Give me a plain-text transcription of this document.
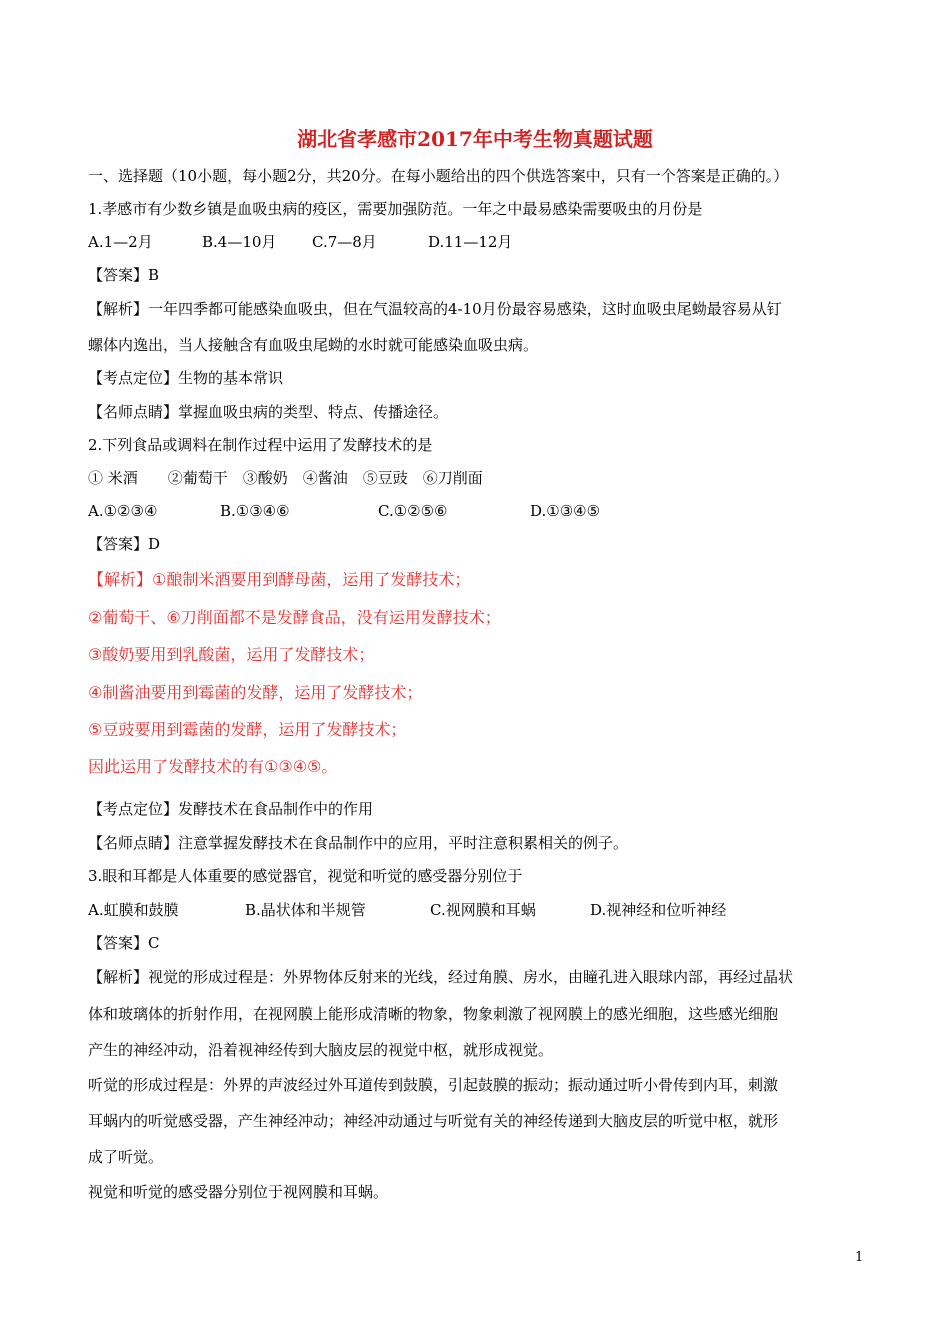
湖北省孝感市2017年中考生物真题试题
一、选择题（10小题，每小题2分，共20分。在每小题给出的四个供选答案中，只有一个答案是正确的。）
1.孝感市有少数乡镇是血吸虫病的疫区，需要加强防范。一年之中最易感染需要吸虫的月份是
A.1—2月	B.4—10月 C.7—8月	D.11—12月
【答案】B
【解析】一年四季都可能感染血吸虫，但在气温较高的4-10月份最容易感染，这时血吸虫尾蚴最容易从钉
螺体内逸出，当人接触含有血吸虫尾蚴的水时就可能感染血吸虫病。
【考点定位】生物的基本常识
【名师点睛】掌握血吸虫病的类型、特点、传播途径。
2.下列食品或调料在制作过程中运用了发酵技术的是
① 米酒　　②葡萄干　③酸奶　④酱油　⑤豆豉　⑥刀削面
A.①②③④	B.①③④⑥	C.①②⑤⑥	D.①③④⑤
【答案】D
【解析】①酿制米酒要用到酵母菌，运用了发酵技术；
②葡萄干、⑥刀削面都不是发酵食品，没有运用发酵技术；
③酸奶要用到乳酸菌，运用了发酵技术；
④制酱油要用到霉菌的发酵，运用了发酵技术；
⑤豆豉要用到霉菌的发酵，运用了发酵技术；
因此运用了发酵技术的有①③④⑤。
【考点定位】发酵技术在食品制作中的作用
【名师点睛】注意掌握发酵技术在食品制作中的应用，平时注意积累相关的例子。
3.眼和耳都是人体重要的感觉器官，视觉和听觉的感受器分别位于
A.虹膜和鼓膜	B.晶状体和半规管	C.视网膜和耳蜗	D.视神经和位听神经
【答案】C
【解析】视觉的形成过程是：外界物体反射来的光线，经过角膜、房水，由瞳孔进入眼球内部，再经过晶状
体和玻璃体的折射作用，在视网膜上能形成清晰的物象，物象刺激了视网膜上的感光细胞，这些感光细胞
产生的神经冲动，沿着视神经传到大脑皮层的视觉中枢，就形成视觉。
听觉的形成过程是：外界的声波经过外耳道传到鼓膜，引起鼓膜的振动；振动通过听小骨传到内耳，刺激
耳蜗内的听觉感受器，产生神经冲动；神经冲动通过与听觉有关的神经传递到大脑皮层的听觉中枢，就形
成了听觉。
视觉和听觉的感受器分别位于视网膜和耳蜗。
1
